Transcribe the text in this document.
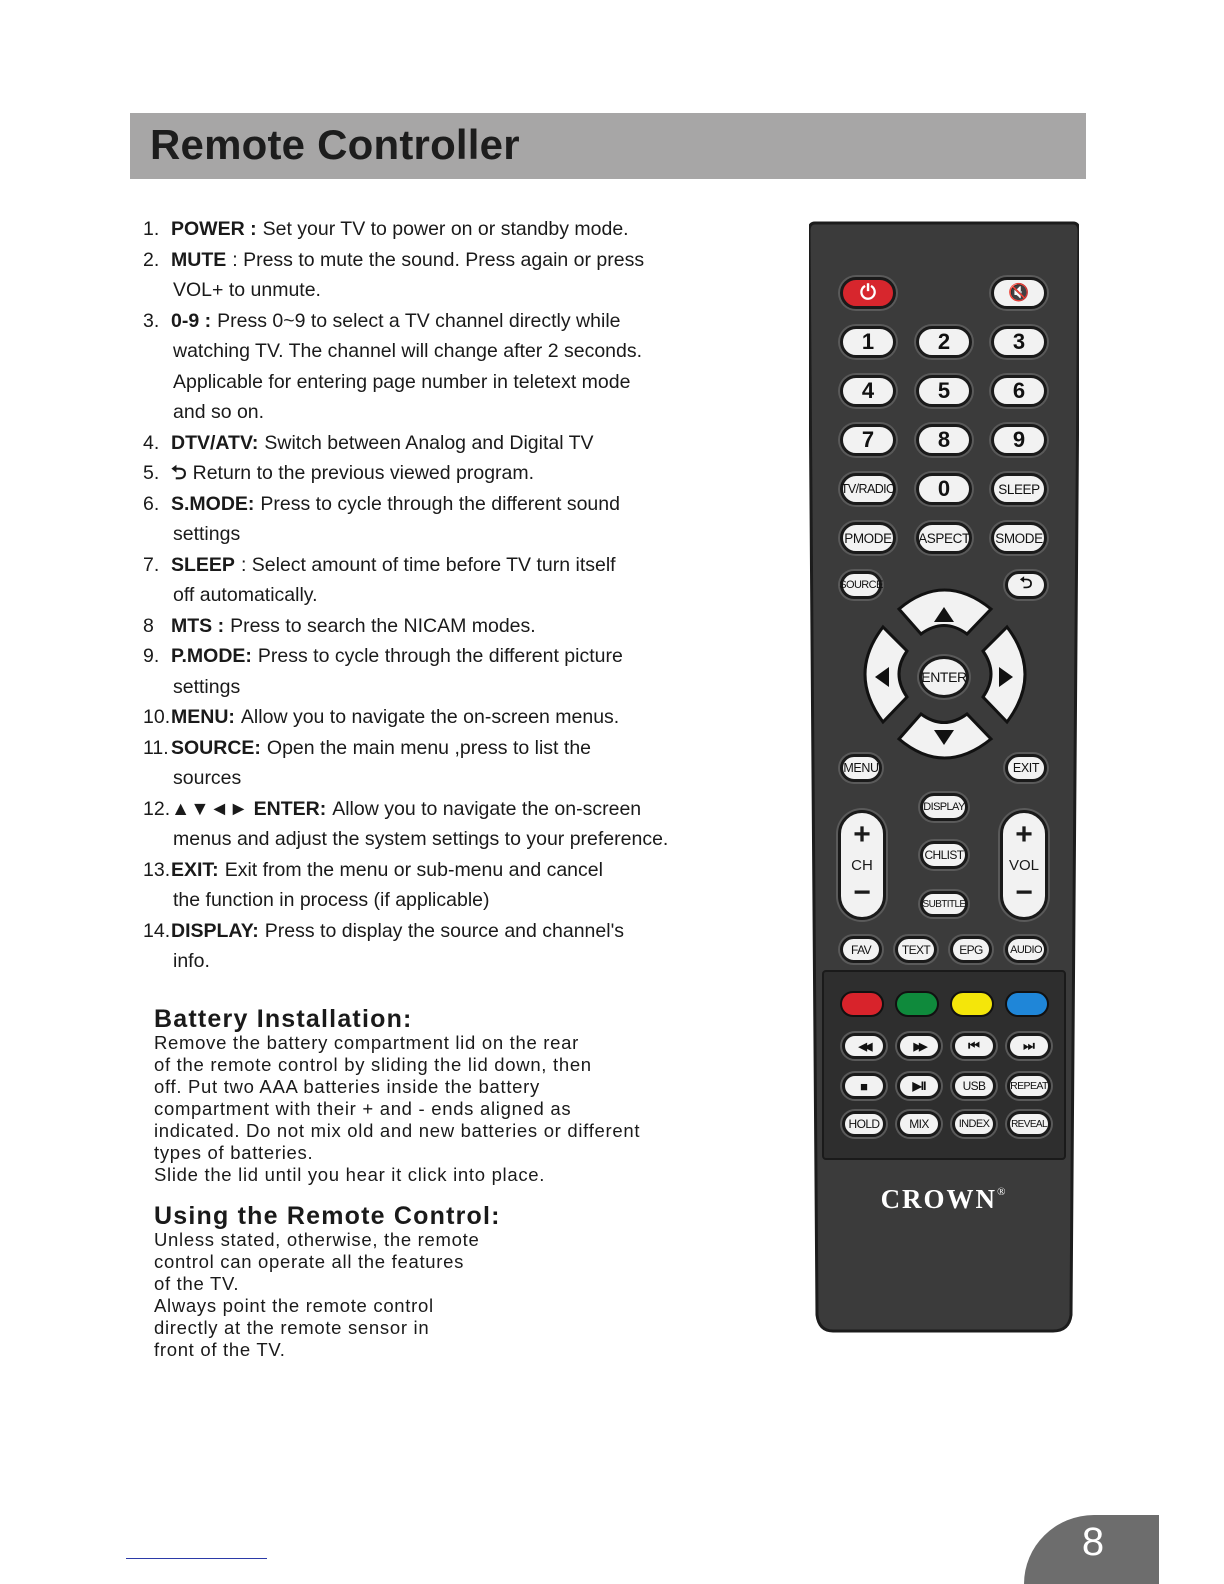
Remote Controller
1. POWER : Set your TV to power on or standby mode.
2. MUTE : Press to mute the sound. Press again or press
VOL+ to unmute.
3. 0-9 : Press 0~9 to select a TV channel directly while
watching TV. The channel will change after 2 seconds.
Applicable for entering page number in teletext mode
and so on.
4. DTV/ATV: Switch between Analog and Digital TV
5. ⮌ Return to the previous viewed program.
6. S.MODE: Press to cycle through the different sound
settings
7. SLEEP : Select amount of time before TV turn itself
off automatically.
8 MTS : Press to search the NICAM modes.
9. P.MODE: Press to cycle through the different picture
settings
10. MENU: Allow you to navigate the on-screen menus.
11. SOURCE: Open the main menu ,press to list the
sources
12. ▲▼◄► ENTER: Allow you to navigate the on-screen
menus and adjust the system settings to your preference.
13. EXIT: Exit from the menu or sub-menu and cancel
the function in process (if applicable)
14. DISPLAY: Press to display the source and channel's
info.
Battery Installation:
Remove the battery compartment lid on the rear
of the remote control by sliding the lid down, then
off. Put two AAA batteries inside the battery
compartment with their + and - ends aligned as
indicated. Do not mix old and new batteries or different
types of batteries.
Slide the lid until you hear it click into place.
Using the Remote Control:
Unless stated, otherwise, the remote
control can operate all the features
of the TV.
Always point the remote control
directly at the remote sensor in
front of the TV.
⏻	🔇
1	2	3
4	5	6
7	8	9
TV/RADIO	0	SLEEP
PMODE	ASPECT	SMODE
SOURCE	⮌
ENTER
MENU	EXIT
DISPLAY
CHLIST
SUBTITLE
+
CH
−
+
VOL
−
FAV	TEXT	EPG	AUDIO
◀◀	▶▶	⏮	⏭
■	▶II	USB	REPEAT
HOLD	MIX	INDEX	REVEAL
CROWN®
8
